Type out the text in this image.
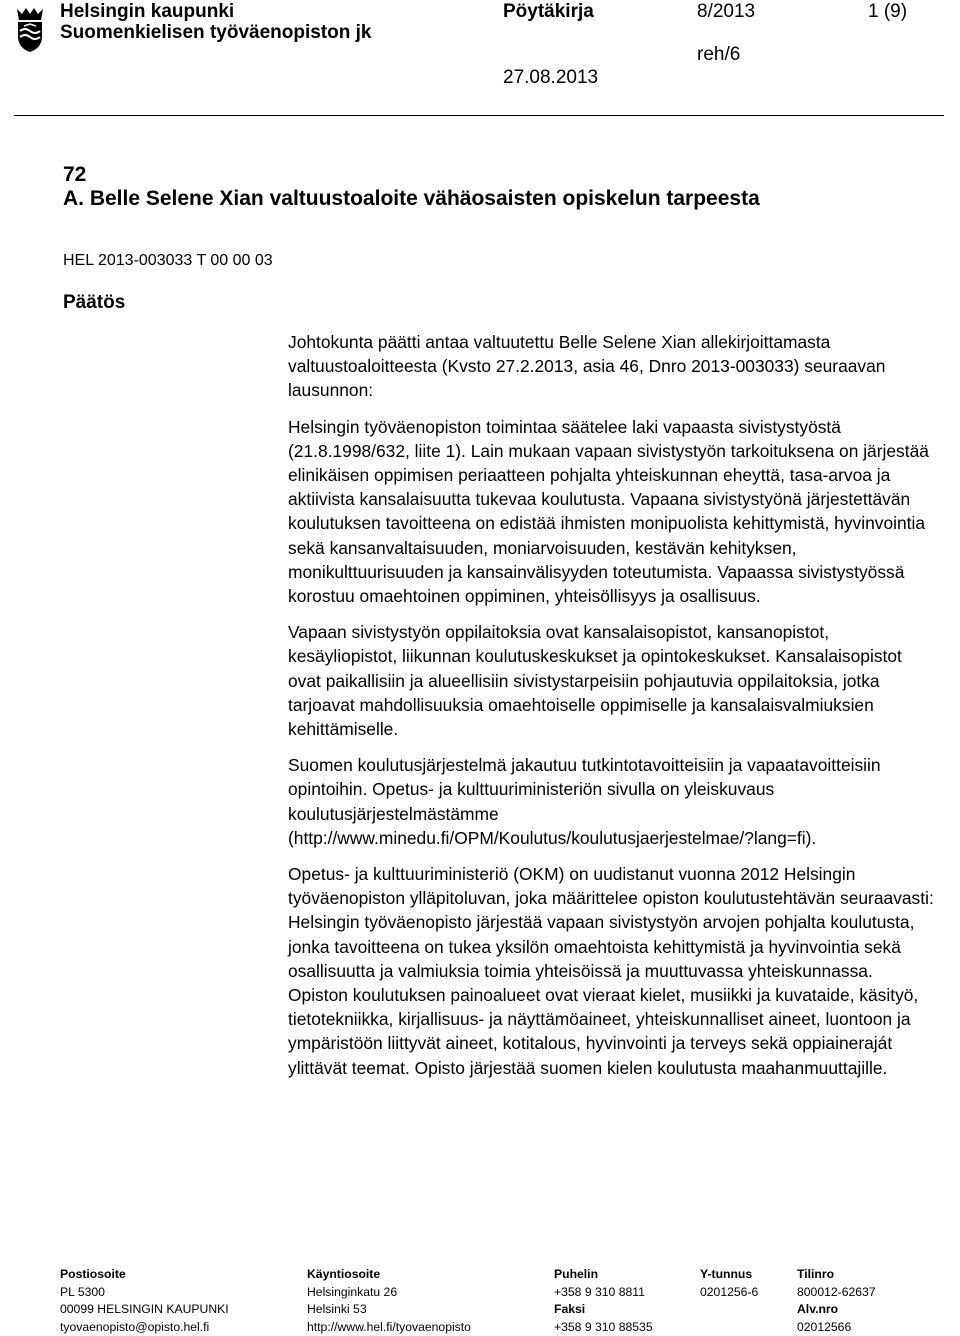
Helsingin kaupunki
Suomenkielisen työväenopiston jk
Pöytäkirja	8/2013	1 (9)
reh/6
27.08.2013
72
A. Belle Selene Xian valtuustoaloite vähäosaisten opiskelun tarpeesta
HEL 2013-003033 T 00 00 03
Päätös

Johtokunta päätti antaa valtuutettu Belle Selene Xian allekirjoittamasta valtuustoaloitteesta (Kvsto 27.2.2013, asia 46, Dnro 2013-003033) seuraavan lausunnon:

Helsingin työväenopiston toimintaa säätelee laki vapaasta sivistystyöstä (21.8.1998/632, liite 1). Lain mukaan vapaan sivistystyön tarkoituksena on järjestää elinikäisen oppimisen periaatteen pohjalta yhteiskunnan eheyttä, tasa-arvoa ja aktiivista kansalaisuutta tukevaa koulutusta. Vapaana sivistystyönä järjestettävän koulutuksen tavoitteena on edistää ihmisten monipuolista kehittymistä, hyvinvointia sekä kansanvaltaisuuden, moniarvoisuuden, kestävän kehityksen, monikulttuurisuuden ja kansainvälisyyden toteutumista. Vapaassa sivistystyössä korostuu omaehtoinen oppiminen, yhteisöllisyys ja osallisuus.

Vapaan sivistystyön oppilaitoksia ovat kansalaisopistot, kansanopistot, kesäyliopistot, liikunnan koulutuskeskukset ja opintokeskukset. Kansalaisopistot ovat paikallisiin ja alueellisiin sivistystarpeisiin pohjautuvia oppilaitoksia, jotka tarjoavat mahdollisuuksia omaehtoiselle oppimiselle ja kansalaisvalmiuksien kehittämiselle.

Suomen koulutusjärjestelmä jakautuu tutkintotavoitteisiin ja vapaatavoitteisiin opintoihin. Opetus- ja kulttuuriministeriön sivulla on yleiskuvaus koulutusjärjestelmästämme (http://www.minedu.fi/OPM/Koulutus/koulutusjaerjestelmae/?lang=fi).

Opetus- ja kulttuuriministeriö (OKM) on uudistanut vuonna 2012 Helsingin työväenopiston ylläpitoluvan, joka määrittelee opiston koulutustehtävän seuraavasti: Helsingin työväenopisto järjestää vapaan sivistystyön arvojen pohjalta koulutusta, jonka tavoitteena on tukea yksilön omaehtoista kehittymistä ja hyvinvointia sekä osallisuutta ja valmiuksia toimia yhteisöissä ja muuttuvassa yhteiskunnassa. Opiston koulutuksen painoalueet ovat vieraat kielet, musiikki ja kuvataide, käsityö, tietotekniikka, kirjallisuus- ja näyttämöaineet, yhteiskunnalliset aineet, luontoon ja ympäristöön liittyvät aineet, kotitalous, hyvinvointi ja terveys sekä oppiaineraját ylittävät teemat. Opisto järjestää suomen kielen koulutusta maahanmuuttajille.

Postiosoite
PL 5300
00099 HELSINGIN KAUPUNKI
tyovaenopisto@opisto.hel.fi
Käyntiosoite
Helsinginkatu 26
Helsinki 53
http://www.hel.fi/tyovaenopisto
Puhelin
+358 9 310 8811
Faksi
+358 9 310 88535
Y-tunnus
0201256-6
Tilinro
800012-62637
Alv.nro
02012566
